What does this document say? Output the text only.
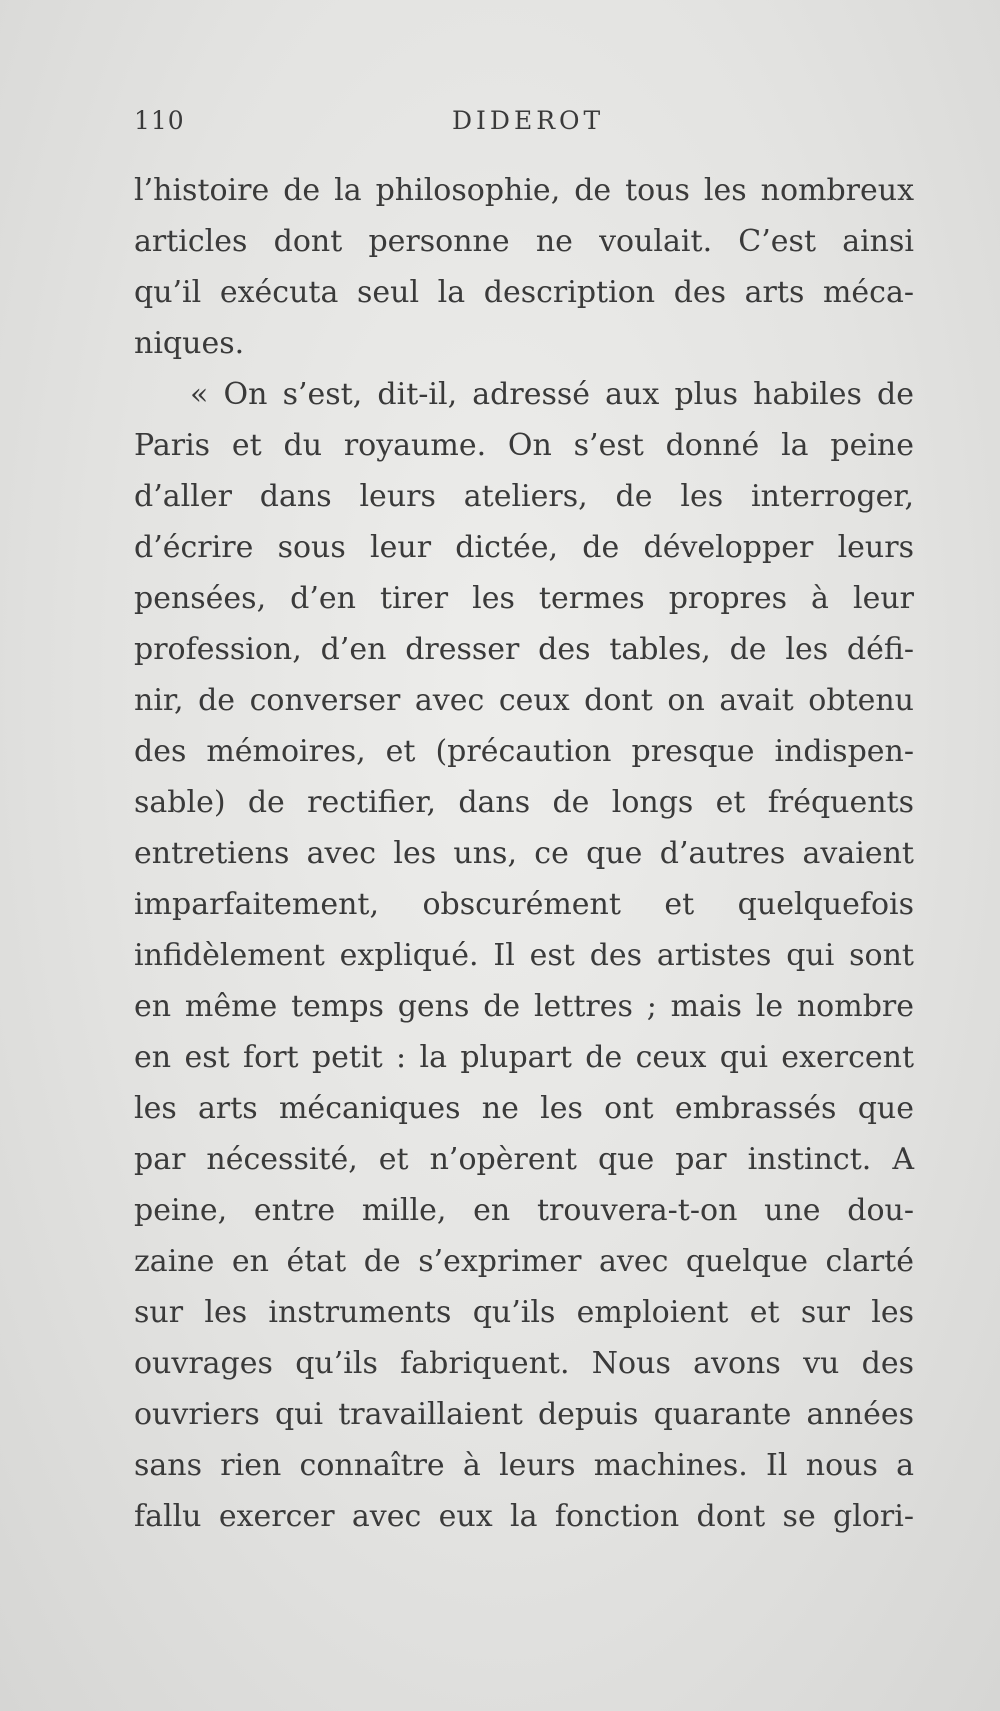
110	DIDEROT
l’histoire de la philosophie, de tous les nombreux
articles dont personne ne voulait. C’est ainsi
qu’il exécuta seul la description des arts méca-
niques.
« On s’est, dit-il, adressé aux plus habiles de
Paris et du royaume. On s’est donné la peine
d’aller dans leurs ateliers, de les interroger,
d’écrire sous leur dictée, de développer leurs
pensées, d’en tirer les termes propres à leur
profession, d’en dresser des tables, de les défi-
nir, de converser avec ceux dont on avait obtenu
des mémoires, et (précaution presque indispen-
sable) de rectifier, dans de longs et fréquents
entretiens avec les uns, ce que d’autres avaient
imparfaitement, obscurément et quelquefois
infidèlement expliqué. Il est des artistes qui sont
en même temps gens de lettres ; mais le nombre
en est fort petit : la plupart de ceux qui exercent
les arts mécaniques ne les ont embrassés que
par nécessité, et n’opèrent que par instinct. A
peine, entre mille, en trouvera-t-on une dou-
zaine en état de s’exprimer avec quelque clarté
sur les instruments qu’ils emploient et sur les
ouvrages qu’ils fabriquent. Nous avons vu des
ouvriers qui travaillaient depuis quarante années
sans rien connaître à leurs machines. Il nous a
fallu exercer avec eux la fonction dont se glori-
